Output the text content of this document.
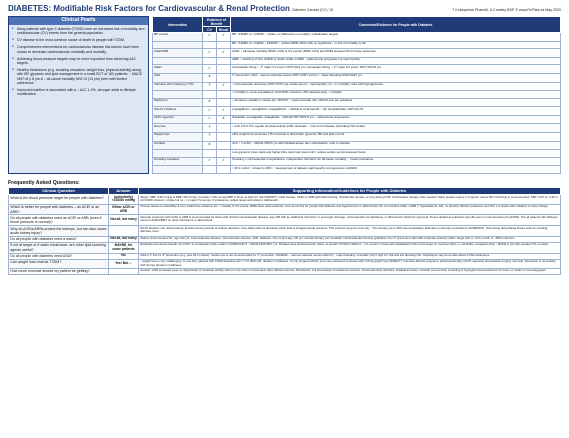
DIABETES: Modifiable Risk Factors for Cardiovascular & Renal Protection Diabetes Canada (DC) '18	T Kolobychuk PharmD, A Crowley BSP © www.RxFiles.ca May 2020
Clinical Pearls
● Many patients with type 2 diabetes (T2DM) have an increased risk of mortality and cardiovascular (CV) events from the general population.
● CV disease is the most common cause of death in people with T2DM.
● Comprehensive interventions for cardiovascular disease risk factors have been shown to decrease cardiovascular morbidity and mortality.
● Achieving blood pressure targets may be more important than achieving A1C targets.
● Healthy behaviours (e.g. smoking cessation, weight loss, physical activity) along with BP, glycemic and lipid management in a small RCT of 160 patients: ↓ MACE NNT=8 p 8 yrs & ↓ all-cause mortality NNT=5 (13 yrs) even with limited adherence.
● Improved nutrition is associated with a ↓ A1C 1-2%, stronger adds to lifestyle modification.
Intervention	Evidence of Benefit		Comments/Evidence for People with Diabetes
	CV	Renal	
BP control	✓	✓	BP <130/80 vs <140/90: ↓ stroke, no difference in mortality; individualize targets.
			BP <130/80 vs <140/90 – SPRINT; ↓ stroke (RRR~35%) with no significant ↓ in risk of mortality or MI.
ACEI/ARB	✓	✓	ACEI: ↓ all-cause mortality (RRR~13%) & CV events (RRR~14%) and ARBs showed NS for these outcomes.
			ARB: ↓ doubling of SCr, ESRD or death; ACEI or ARB: ↓ albuminuria progression & nephropathy.
Statin	✓		Atorvastatin 10mg: ↓ 1º major CV event: NNT=32/4 yrs; simvastatin 40mg: ↓ 1º major CV event: NNT=24/4.8 yrs.
ASA	±		1º prevention: ASA ↓ serious vascular events NNT=145/7 yrs but ↑ major bleeding NNH=100/7 yrs.
Intensive A1C lowering (<7%)	?	✓	↓ microvascular outcomes (NNT=57/5 yrs) mostly due to ↓ nephropathy; no ↓ in mortality; risks with hypoglycemia.
			↑ mortality in some populations; ACCORD: intensive <6% stopped early ↑ mortality.
Metformin	±		↓ all-cause mortality in obese pts: UKPDS; ↓ macrovascular risk; still first-line per guideline.
SGLT2 inhibitors	✓	✓	empagliflozin, canagliflozin, dapagliflozin: ↓ MACE & renal benefit; ↓ HF hospitalization NNT≈43-70.
GLP1 agonists	✓	±	liraglutide, semaglutide, dulaglutide: ↓ MACE NNT=66/3.8 yrs; ↓ albuminuria progression.
Exercise	?		↓ A1C 0.5-0.7%; regular physical activity ≥150 min/week: ↓ risk of CV disease (including CVD death).
Weight loss	?		≥5% weight loss (exercise 175 min/week & diet) better glycemic; BP and lipid control.
Nutrition	±		A1C ↓ 1-2.0%; ↓ MACE 30%/5 yrs with Mediterranean diet; individualize; refer to dietitian.
			Low glycemic index diets and higher-fibre diets help lower A1C; reduce sodium and processed foods.
Smoking cessation	✓	✓	Smoking = microvascular complications, independent risk factor for all-cause mortality; ↑ insulin resistance.
			↑ MI 1.4-fold; ↑ stroke by 30%; ↑ development of diabetic nephropathy & progression to ESRD.
Frequently Asked Questions:
Clinical Question	Answer	Supporting Information/Guidelines for People with Diabetes
What is the blood pressure target for people with diabetes?	(potentially) <130/80 mmHg	Target: SBP <130 mmHg & DBP <80 mmHg. Consider <120 mmHg SBP in those at high CV risk (SPRINT). Initial therapy: ACEI or ARB (with albuminuria), thiazide-like diuretic, or long-acting CCB. Combination therapy often needed. Many people require 2-3 agents. Home BP monitoring is recommended. SBP <120 vs <140 in ACCORD showed ↓ stroke but no ↓ in major CV events. If intolerance, adjust target according to risk/benefit.
Which is better for people with diabetes – an ACEI or an ARB?	Either ACEI or ARB	Choose based on tolerability & cost. ACEI have evidence for ↓ mortality & CV events; ARBs have renal evidence. Use as 1st line for people with diabetes and hypertension or albuminuria. Do not combine ACEI + ARB (↑ hyperkalemia, AKI, no benefit). Monitor potassium and SCr 1-2 weeks after initiation or dose change.
Do all people with diabetes need an ACEI or ARB (even if blood pressure is normal)?	Not all, but many	Vascular protection with ACEI or ARB is recommended for those with clinical macrovascular disease, age ≥55 with an additional risk factor or end-organ damage, microvascular complications, or albuminuria (ACR ≥2 mg/mmol). Doses titrated as tolerated; benefits seen in normotensive pts (HOPE). Not all patients with diabetes need an ACEI/ARB if no other risk factors or albuminuria.
Why do ACEIs/ARBs protect the kidneys, but can also cause acute kidney injury?		RAAS blockers can reduce kidney function during periods of volume depletion; they dilate efferent arterioles which lowers intraglomerular pressure. This protects long-term but may ↑ SCr acutely (up to 30% rise acceptable). Educate on sick day medications (SADMANS): hold during dehydrating illness such as vomiting, diarrhea, fever.
Do all people with diabetes need a statin?	Not all, but many	Statins recommended for: age ≥40 yrs; macrovascular disease; microvascular disease; CKD; diabetes >15 yrs and age >30 yrs; warrant therapy per Canadian Cardiovascular Society guidelines. For 1º prevention start with moderate-intensity statin; target LDL-C <2.0 mmol/L or >50% reduction.
If not at target or if statin intolerance, are other lipid-lowering agents useful?	MAYBE, for some patients	Ezetimibe has shown benefit, but ONLY in combination with a statin in IMPROVE-IT ↓ MACE NNT=50/7 yrs. Fibrates have limited benefit; niacin no benefit. PCSK9 inhibitors ↓ CV events in those with established CVD not at target on maximal statin +/- ezetimibe. Icosapent ethyl ↓ MACE in pts with elevated TG on statin.
Do all people with diabetes need ASA?	No	ASA is 1º line for 2º prevention (e.g. post MI or stroke); routine use is not recommended for 1º prevention. ASCEND: ↓ serious vascular events offset by ↑ major bleeding. Consider only if high CV risk and low bleeding risk. Clopidogrel may be an alternative if ASA intolerance.
Can weight loss reverse T2DM?	Yes! But ...	↓ weight loss is very challenging. In one trial, patients with T2DM (baseline A1C 7.7%, BMI ≥35, duration of diabetes <6 yrs) dropped HbA1c and many achieved remission with ≥15 kg weight loss (DiRECT). Intensive lifestyle programs, pharmacotherapy (GLP1 agonists) and bariatric surgery can help. Remission is more likely with shorter duration of diabetes.
How much exercise should my patient be getting?		Aerobic: ≥150 min/week (over 3+ days/week) of moderate activity with no more than 2 consecutive days without exercise. Resistance: 2-3 times/week of resistance exercise. Avoid sedentary activities. Gradual increase; consider pre-exercise screening & hypoglycemia precautions for those on insulin or secretagogues.
